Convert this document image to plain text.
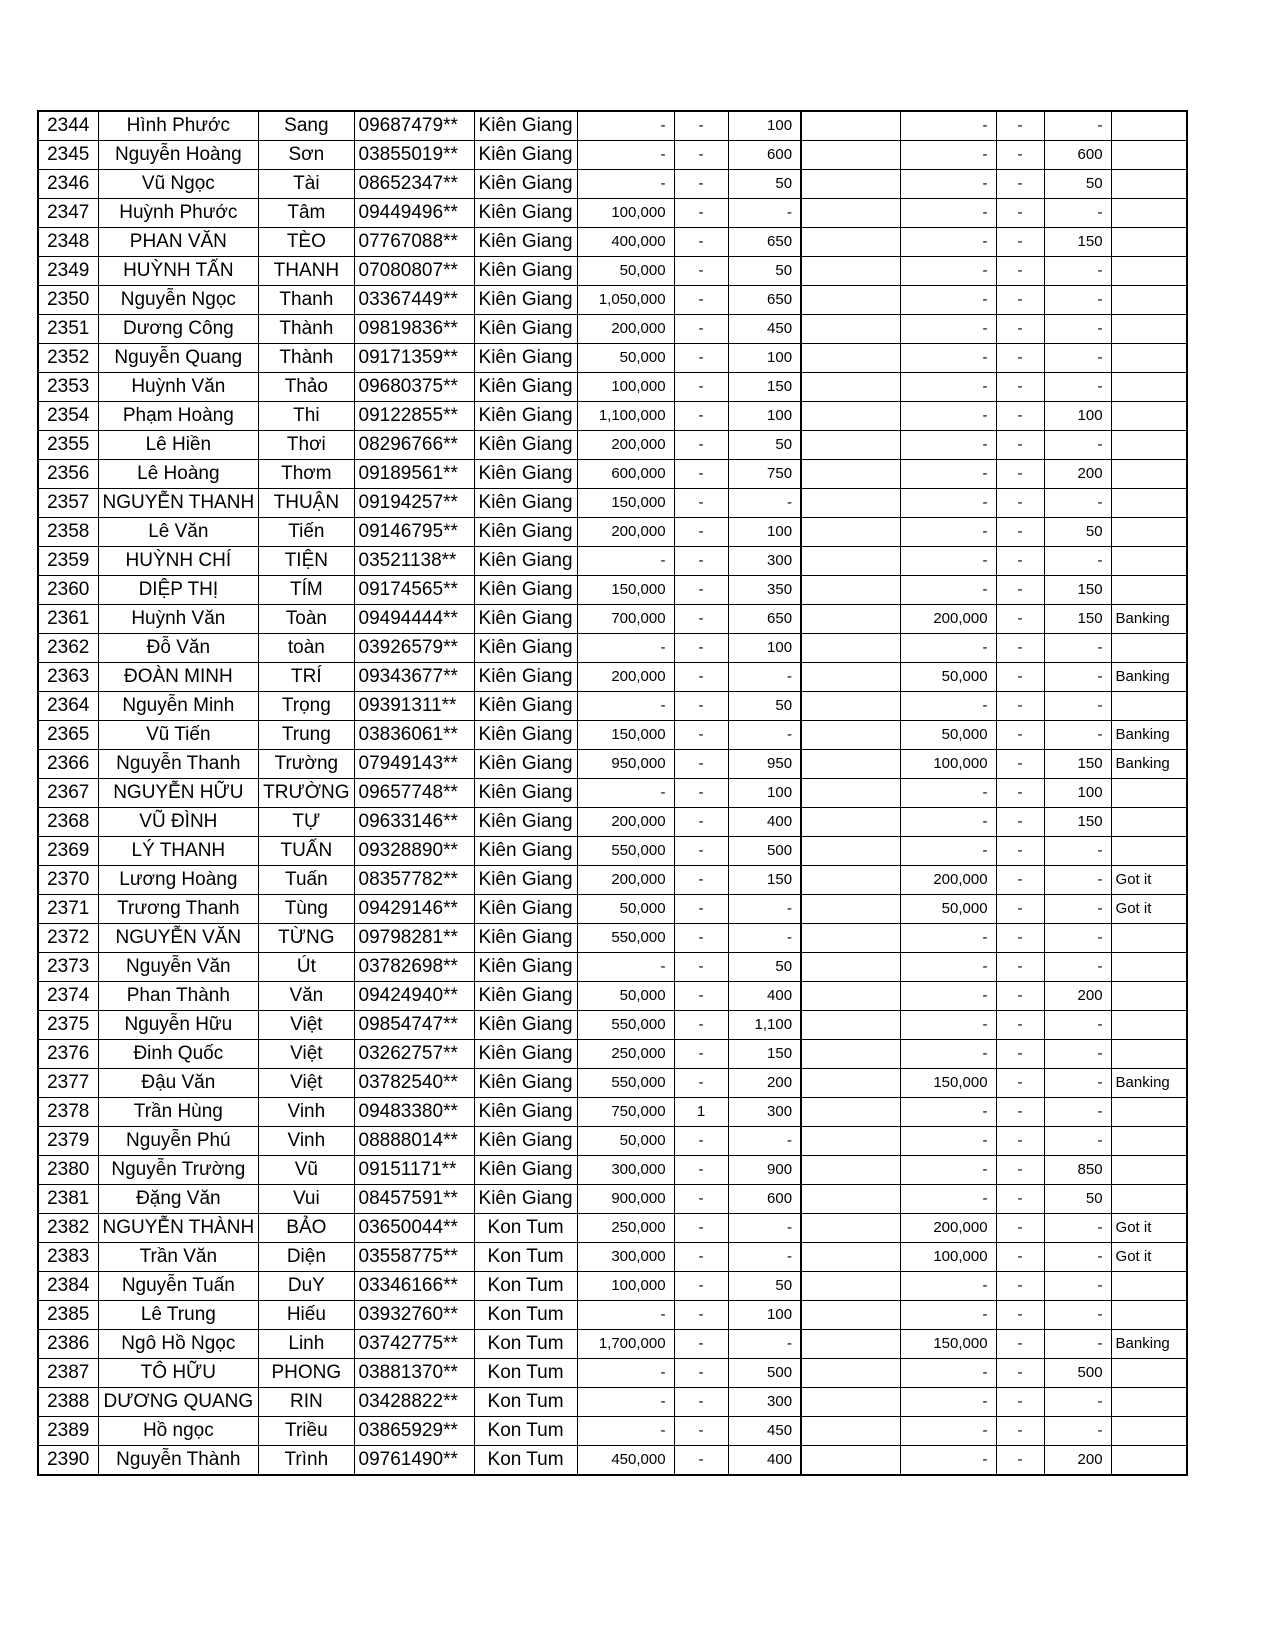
2344	Hình Phước	Sang	09687479**	Kiên Giang	-	-	100		-	-	-	
2345	Nguyễn Hoàng	Sơn	03855019**	Kiên Giang	-	-	600		-	-	600	
2346	Vũ Ngọc	Tài	08652347**	Kiên Giang	-	-	50		-	-	50	
2347	Huỳnh Phước	Tâm	09449496**	Kiên Giang	100,000	-	-		-	-	-	
2348	PHAN VĂN	TÈO	07767088**	Kiên Giang	400,000	-	650		-	-	150	
2349	HUỲNH TẤN	THANH	07080807**	Kiên Giang	50,000	-	50		-	-	-	
2350	Nguyễn Ngọc	Thanh	03367449**	Kiên Giang	1,050,000	-	650		-	-	-	
2351	Dương Công	Thành	09819836**	Kiên Giang	200,000	-	450		-	-	-	
2352	Nguyễn Quang	Thành	09171359**	Kiên Giang	50,000	-	100		-	-	-	
2353	Huỳnh Văn	Thảo	09680375**	Kiên Giang	100,000	-	150		-	-	-	
2354	Phạm Hoàng	Thi	09122855**	Kiên Giang	1,100,000	-	100		-	-	100	
2355	Lê Hiền	Thơi	08296766**	Kiên Giang	200,000	-	50		-	-	-	
2356	Lê Hoàng	Thơm	09189561**	Kiên Giang	600,000	-	750		-	-	200	
2357	NGUYỄN THANH	THUẬN	09194257**	Kiên Giang	150,000	-	-		-	-	-	
2358	Lê Văn	Tiến	09146795**	Kiên Giang	200,000	-	100		-	-	50	
2359	HUỲNH CHÍ	TIỆN	03521138**	Kiên Giang	-	-	300		-	-	-	
2360	DIỆP THỊ	TÍM	09174565**	Kiên Giang	150,000	-	350		-	-	150	
2361	Huỳnh Văn	Toàn	09494444**	Kiên Giang	700,000	-	650		200,000	-	150	Banking
2362	Đỗ Văn	toàn	03926579**	Kiên Giang	-	-	100		-	-	-	
2363	ĐOÀN MINH	TRÍ	09343677**	Kiên Giang	200,000	-	-		50,000	-	-	Banking
2364	Nguyễn Minh	Trọng	09391311**	Kiên Giang	-	-	50		-	-	-	
2365	Vũ Tiến	Trung	03836061**	Kiên Giang	150,000	-	-		50,000	-	-	Banking
2366	Nguyễn Thanh	Trường	07949143**	Kiên Giang	950,000	-	950		100,000	-	150	Banking
2367	NGUYỄN HỮU	TRƯỜNG	09657748**	Kiên Giang	-	-	100		-	-	100	
2368	VŨ ĐÌNH	TỰ	09633146**	Kiên Giang	200,000	-	400		-	-	150	
2369	LÝ THANH	TUẤN	09328890**	Kiên Giang	550,000	-	500		-	-	-	
2370	Lương Hoàng	Tuấn	08357782**	Kiên Giang	200,000	-	150		200,000	-	-	Got it
2371	Trương Thanh	Tùng	09429146**	Kiên Giang	50,000	-	-		50,000	-	-	Got it
2372	NGUYỄN VĂN	TỪNG	09798281**	Kiên Giang	550,000	-	-		-	-	-	
2373	Nguyễn Văn	Út	03782698**	Kiên Giang	-	-	50		-	-	-	
2374	Phan Thành	Văn	09424940**	Kiên Giang	50,000	-	400		-	-	200	
2375	Nguyễn Hữu	Việt	09854747**	Kiên Giang	550,000	-	1,100		-	-	-	
2376	Đinh Quốc	Việt	03262757**	Kiên Giang	250,000	-	150		-	-	-	
2377	Đậu Văn	Việt	03782540**	Kiên Giang	550,000	-	200		150,000	-	-	Banking
2378	Trần Hùng	Vinh	09483380**	Kiên Giang	750,000	1	300		-	-	-	
2379	Nguyễn Phú	Vinh	08888014**	Kiên Giang	50,000	-	-		-	-	-	
2380	Nguyễn Trường	Vũ	09151171**	Kiên Giang	300,000	-	900		-	-	850	
2381	Đặng Văn	Vui	08457591**	Kiên Giang	900,000	-	600		-	-	50	
2382	NGUYỄN THÀNH	BẢO	03650044**	Kon Tum	250,000	-	-		200,000	-	-	Got it
2383	Trần Văn	Diện	03558775**	Kon Tum	300,000	-	-		100,000	-	-	Got it
2384	Nguyễn Tuấn	DuY	03346166**	Kon Tum	100,000	-	50		-	-	-	
2385	Lê Trung	Hiếu	03932760**	Kon Tum	-	-	100		-	-	-	
2386	Ngô Hồ Ngọc	Linh	03742775**	Kon Tum	1,700,000	-	-		150,000	-	-	Banking
2387	TÔ HỮU	PHONG	03881370**	Kon Tum	-	-	500		-	-	500	
2388	DƯƠNG QUANG	RIN	03428822**	Kon Tum	-	-	300		-	-	-	
2389	Hồ ngọc	Triều	03865929**	Kon Tum	-	-	450		-	-	-	
2390	Nguyễn Thành	Trình	09761490**	Kon Tum	450,000	-	400		-	-	200	
